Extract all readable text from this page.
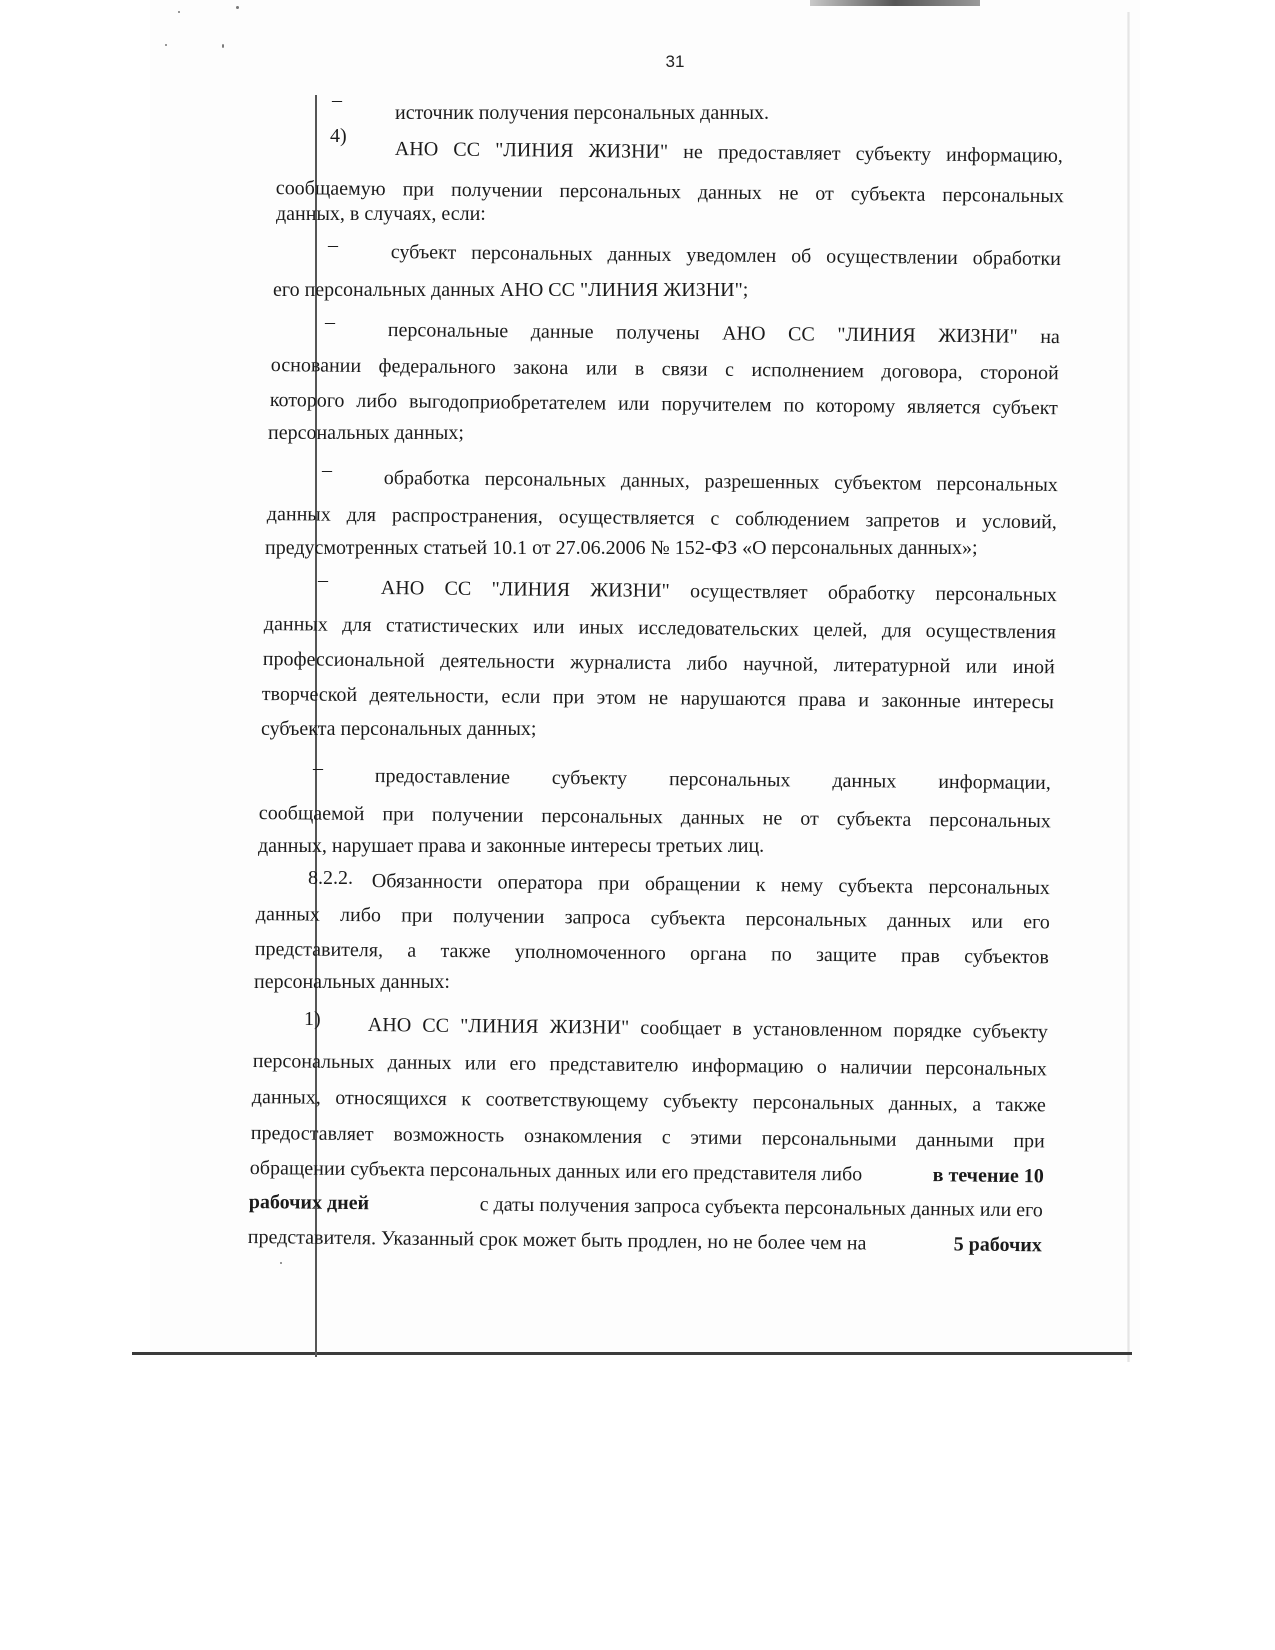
31
–
источник получения персональных данных.
4)
АНО СС "ЛИНИЯ ЖИЗНИ" не предоставляет субъекту информацию,
сообщаемую при получении персональных данных не от субъекта персональных
данных, в случаях, если:
–	субъект персональных данных уведомлен об осуществлении обработки
его персональных данных АНО СС "ЛИНИЯ ЖИЗНИ";
–	персональные данные получены АНО СС "ЛИНИЯ ЖИЗНИ" на
основании федерального закона или в связи с исполнением договора, стороной
которого либо выгодоприобретателем или поручителем по которому является субъект
персональных данных;
–	обработка персональных данных, разрешенных субъектом персональных
данных для распространения, осуществляется с соблюдением запретов и условий,
предусмотренных статьей 10.1 от 27.06.2006 № 152-ФЗ «О персональных данных»;
–	АНО СС "ЛИНИЯ ЖИЗНИ" осуществляет обработку персональных
данных для статистических или иных исследовательских целей, для осуществления
профессиональной деятельности журналиста либо научной, литературной или иной
творческой деятельности, если при этом не нарушаются права и законные интересы
субъекта персональных данных;
–	предоставление субъекту персональных данных информации,
сообщаемой при получении персональных данных не от субъекта персональных
данных, нарушает права и законные интересы третьих лиц.
8.2.2. Обязанности оператора при обращении к нему субъекта персональных
данных либо при получении запроса субъекта персональных данных или его
представителя, а также уполномоченного органа по защите прав субъектов
персональных данных:
1) АНО СС "ЛИНИЯ ЖИЗНИ" сообщает в установленном порядке субъекту
персональных данных или его представителю информацию о наличии персональных
данных, относящихся к соответствующему субъекту персональных данных, а также
предоставляет возможность ознакомления с этими персональными данными при
обращении субъекта персональных данных или его представителя либо	в течение 10
рабочих дней	с даты получения запроса субъекта персональных данных или его
представителя. Указанный срок может быть продлен, но не более чем на	5 рабочих
